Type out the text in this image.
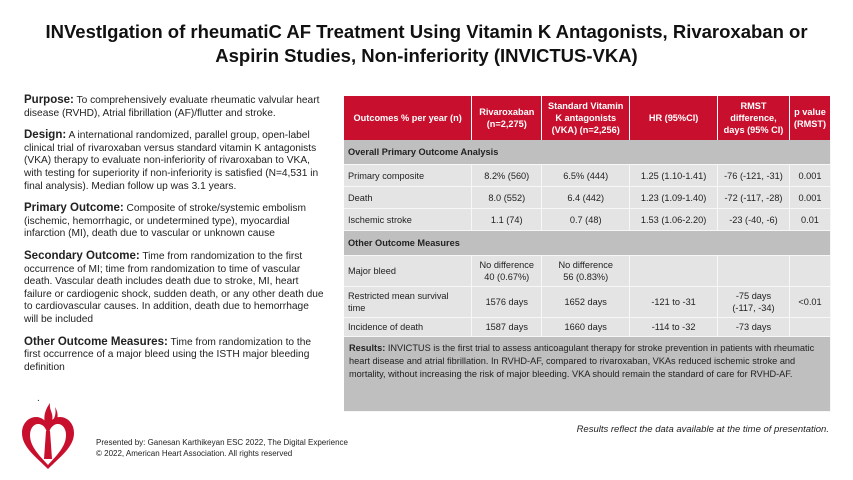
INVestIgation of rheumatiC AF Treatment Using Vitamin K Antagonists, Rivaroxaban or
Aspirin Studies, Non-inferiority (INVICTUS-VKA)

Purpose: To comprehensively evaluate rheumatic valvular heart disease (RVHD), Atrial fibrillation (AF)/flutter and stroke.

Design: A international randomized, parallel group, open-label clinical trial of rivaroxaban versus standard vitamin K antagonists (VKA) therapy to evaluate non-inferiority of rivaroxaban to VKA, with testing for superiority if non-inferiority is satisfied (N=4,531 in final analysis). Median follow up was 3.1 years.

Primary Outcome: Composite of stroke/systemic embolism (ischemic, hemorrhagic, or undetermined type), myocardial infarction (MI), death due to vascular or unknown cause

Secondary Outcome: Time from randomization to the first occurrence of MI; time from randomization to time of vascular death. Vascular death includes death due to stroke, MI, heart failure or cardiogenic shock, sudden death, or any other death due to cardiovascular causes. In addition, death due to hemorrhage will be included

Other Outcome Measures: Time from randomization to the first occurrence of a major bleed using the ISTH major bleeding definition

.
Outcomes % per year (n)	Rivaroxaban (n=2,275)	Standard Vitamin K antagonists (VKA) (n=2,256)	HR (95%CI)	RMST difference, days (95% CI)	p value (RMST)
Overall Primary Outcome Analysis					
Primary composite	8.2% (560)	6.5% (444)	1.25 (1.10-1.41)	-76 (-121, -31)	0.001
Death	8.0 (552)	6.4 (442)	1.23 (1.09-1.40)	-72 (-117, -28)	0.001
Ischemic stroke	1.1 (74)	0.7 (48)	1.53 (1.06-2.20)	-23 (-40, -6)	0.01
Other Outcome Measures					
Major bleed	No difference
40 (0.67%)	No difference
56 (0.83%)			
Restricted mean survival time	1576 days	1652 days	-121 to -31	-75 days
(-117, -34)	<0.01
Incidence of death	1587 days	1660 days	-114 to -32	-73 days	
Results: INVICTUS is the first trial to assess anticoagulant therapy for stroke prevention in patients with rheumatic heart disease and atrial fibrillation. In RVHD-AF, compared to rivaroxaban, VKAs reduced ischemic stroke and mortality, without increasing the risk of major bleeding. VKA should remain the standard of care for RVHD-AF.					
Results reflect the data available at the time of presentation.
Presented by: Ganesan Karthikeyan ESC 2022, The Digital Experience
© 2022, American Heart Association. All rights reserved
